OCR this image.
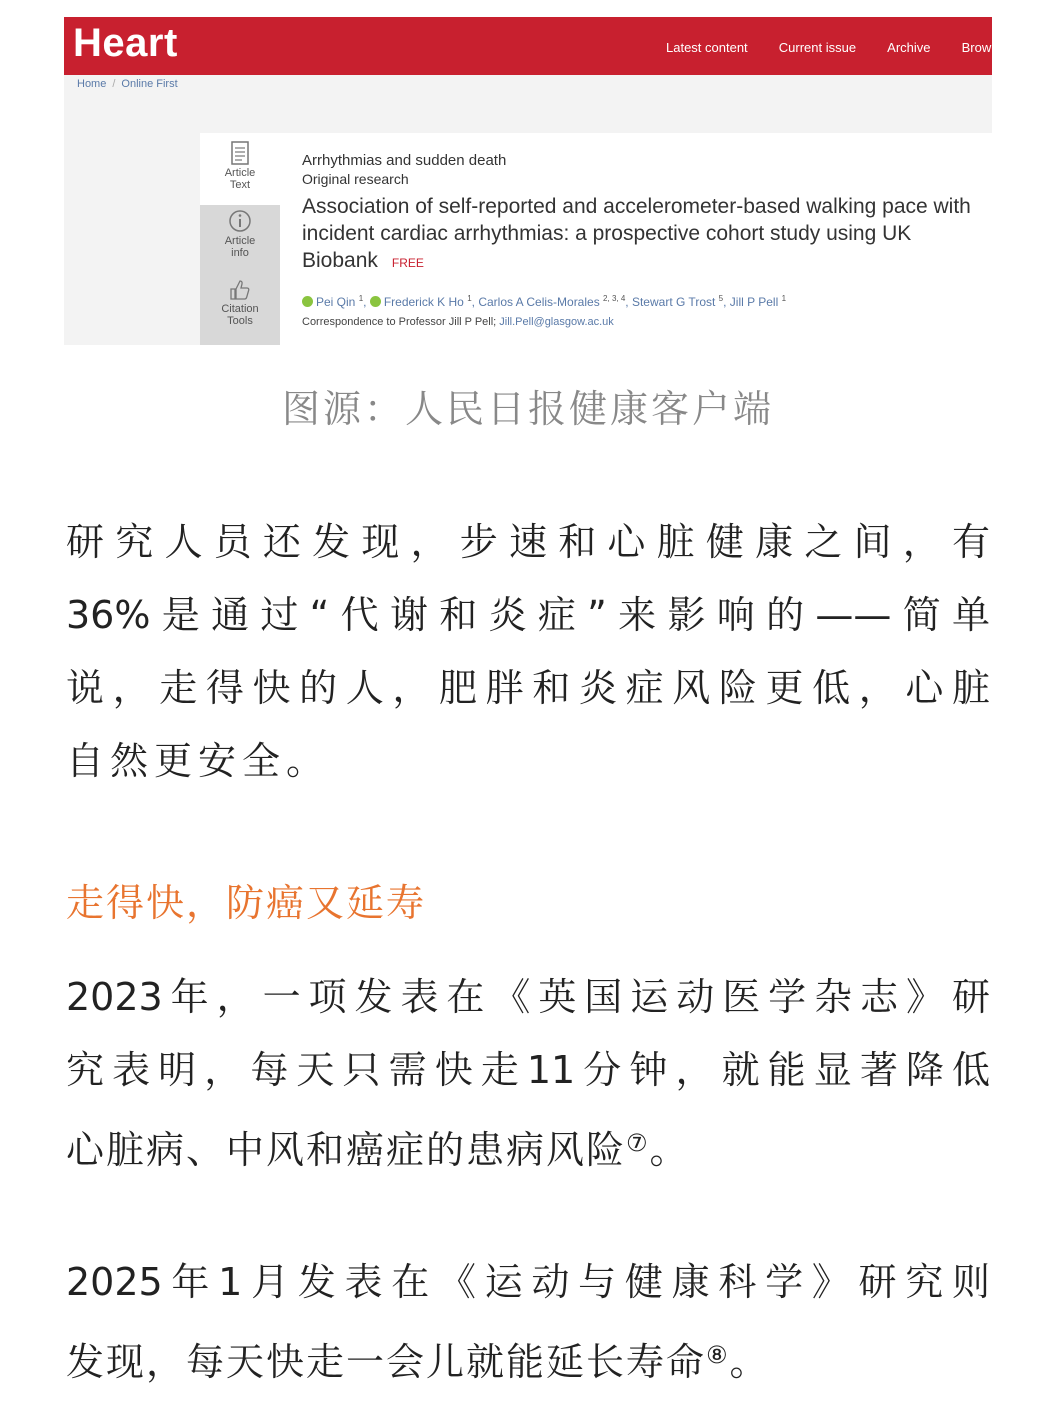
Heart	Latest content Current issue Archive Brow
Home / Online First
Article Text
Article info
Citation Tools
Arrhythmias and sudden death
Original research
Association of self-reported and accelerometer-based walking pace with incident cardiac arrhythmias: a prospective cohort study using UK Biobank FREE
Pei Qin $^1$, Frederick K Ho $^1$, Carlos A Celis-Morales $^{2, 3, 4}$, Stewart G Trost $^5$, Jill P Pell $^1$
Correspondence to Professor Jill P Pell; Jill.Pell@glasgow.ac.uk
图源：人民日报健康客户端
研究人员还发现，步速和心脏健康之间，有
36%是通过“代谢和炎症”来影响的——简单
说，走得快的人，肥胖和炎症风险更低，心脏
自然更安全。
走得快，防癌又延寿
2023年，一项发表在《英国运动医学杂志》研
究表明，每天只需快走11分钟，就能显著降低
心脏病、中风和癌症的患病风险⑦。
2025年1月发表在《运动与健康科学》研究则
发现，每天快走一会儿就能延长寿命⑧。
